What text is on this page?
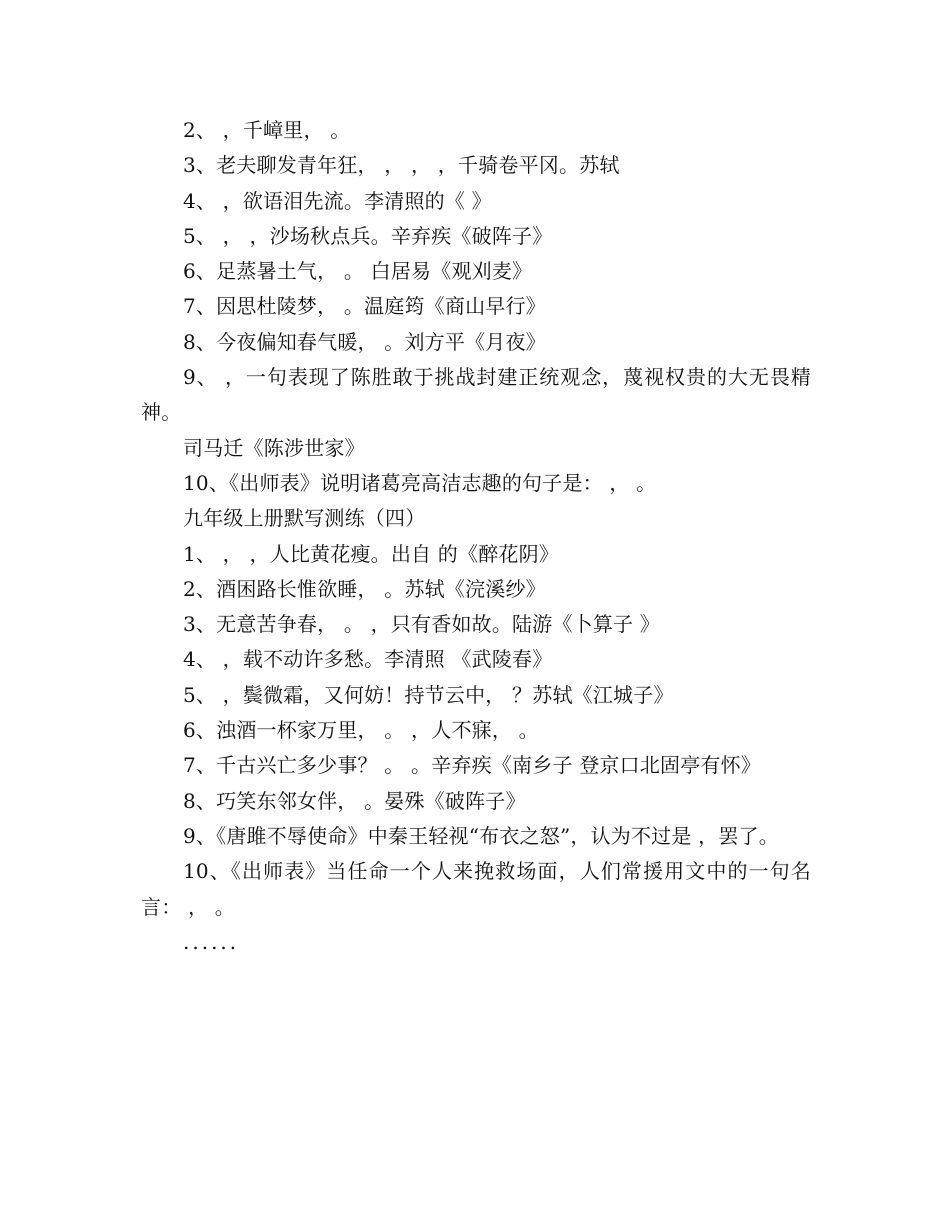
2、 ，千嶂里， 。
3、老夫聊发青年狂， ， ， ，千骑卷平冈。苏轼
4、 ，欲语泪先流。李清照的《 》
5、 ， ，沙场秋点兵。辛弃疾《破阵子》
6、足蒸暑土气， 。 白居易《观刈麦》
7、因思杜陵梦， 。温庭筠《商山早行》
8、今夜偏知春气暖， 。刘方平《月夜》
9、 ，一句表现了陈胜敢于挑战封建正统观念，蔑视权贵的大无畏精神。
司马迁《陈涉世家》
10、《出师表》说明诸葛亮高洁志趣的句子是： ， 。
九年级上册默写测练（四）
1、 ， ，人比黄花瘦。出自 的《醉花阴》
2、酒困路长惟欲睡， 。苏轼《浣溪纱》
3、无意苦争春， 。 ，只有香如故。陆游《卜算子 》
4、 ，载不动许多愁。李清照 《武陵春》
5、 ，鬓微霜，又何妨！持节云中， ？苏轼《江城子》
6、浊酒一杯家万里， 。 ，人不寐， 。
7、千古兴亡多少事？ 。 。辛弃疾《南乡子 登京口北固亭有怀》
8、巧笑东邻女伴， 。晏殊《破阵子》
9、《唐雎不辱使命》中秦王轻视“布衣之怒”，认为不过是 ，罢了。
10、《出师表》当任命一个人来挽救场面，人们常援用文中的一句名言： ， 。
......
